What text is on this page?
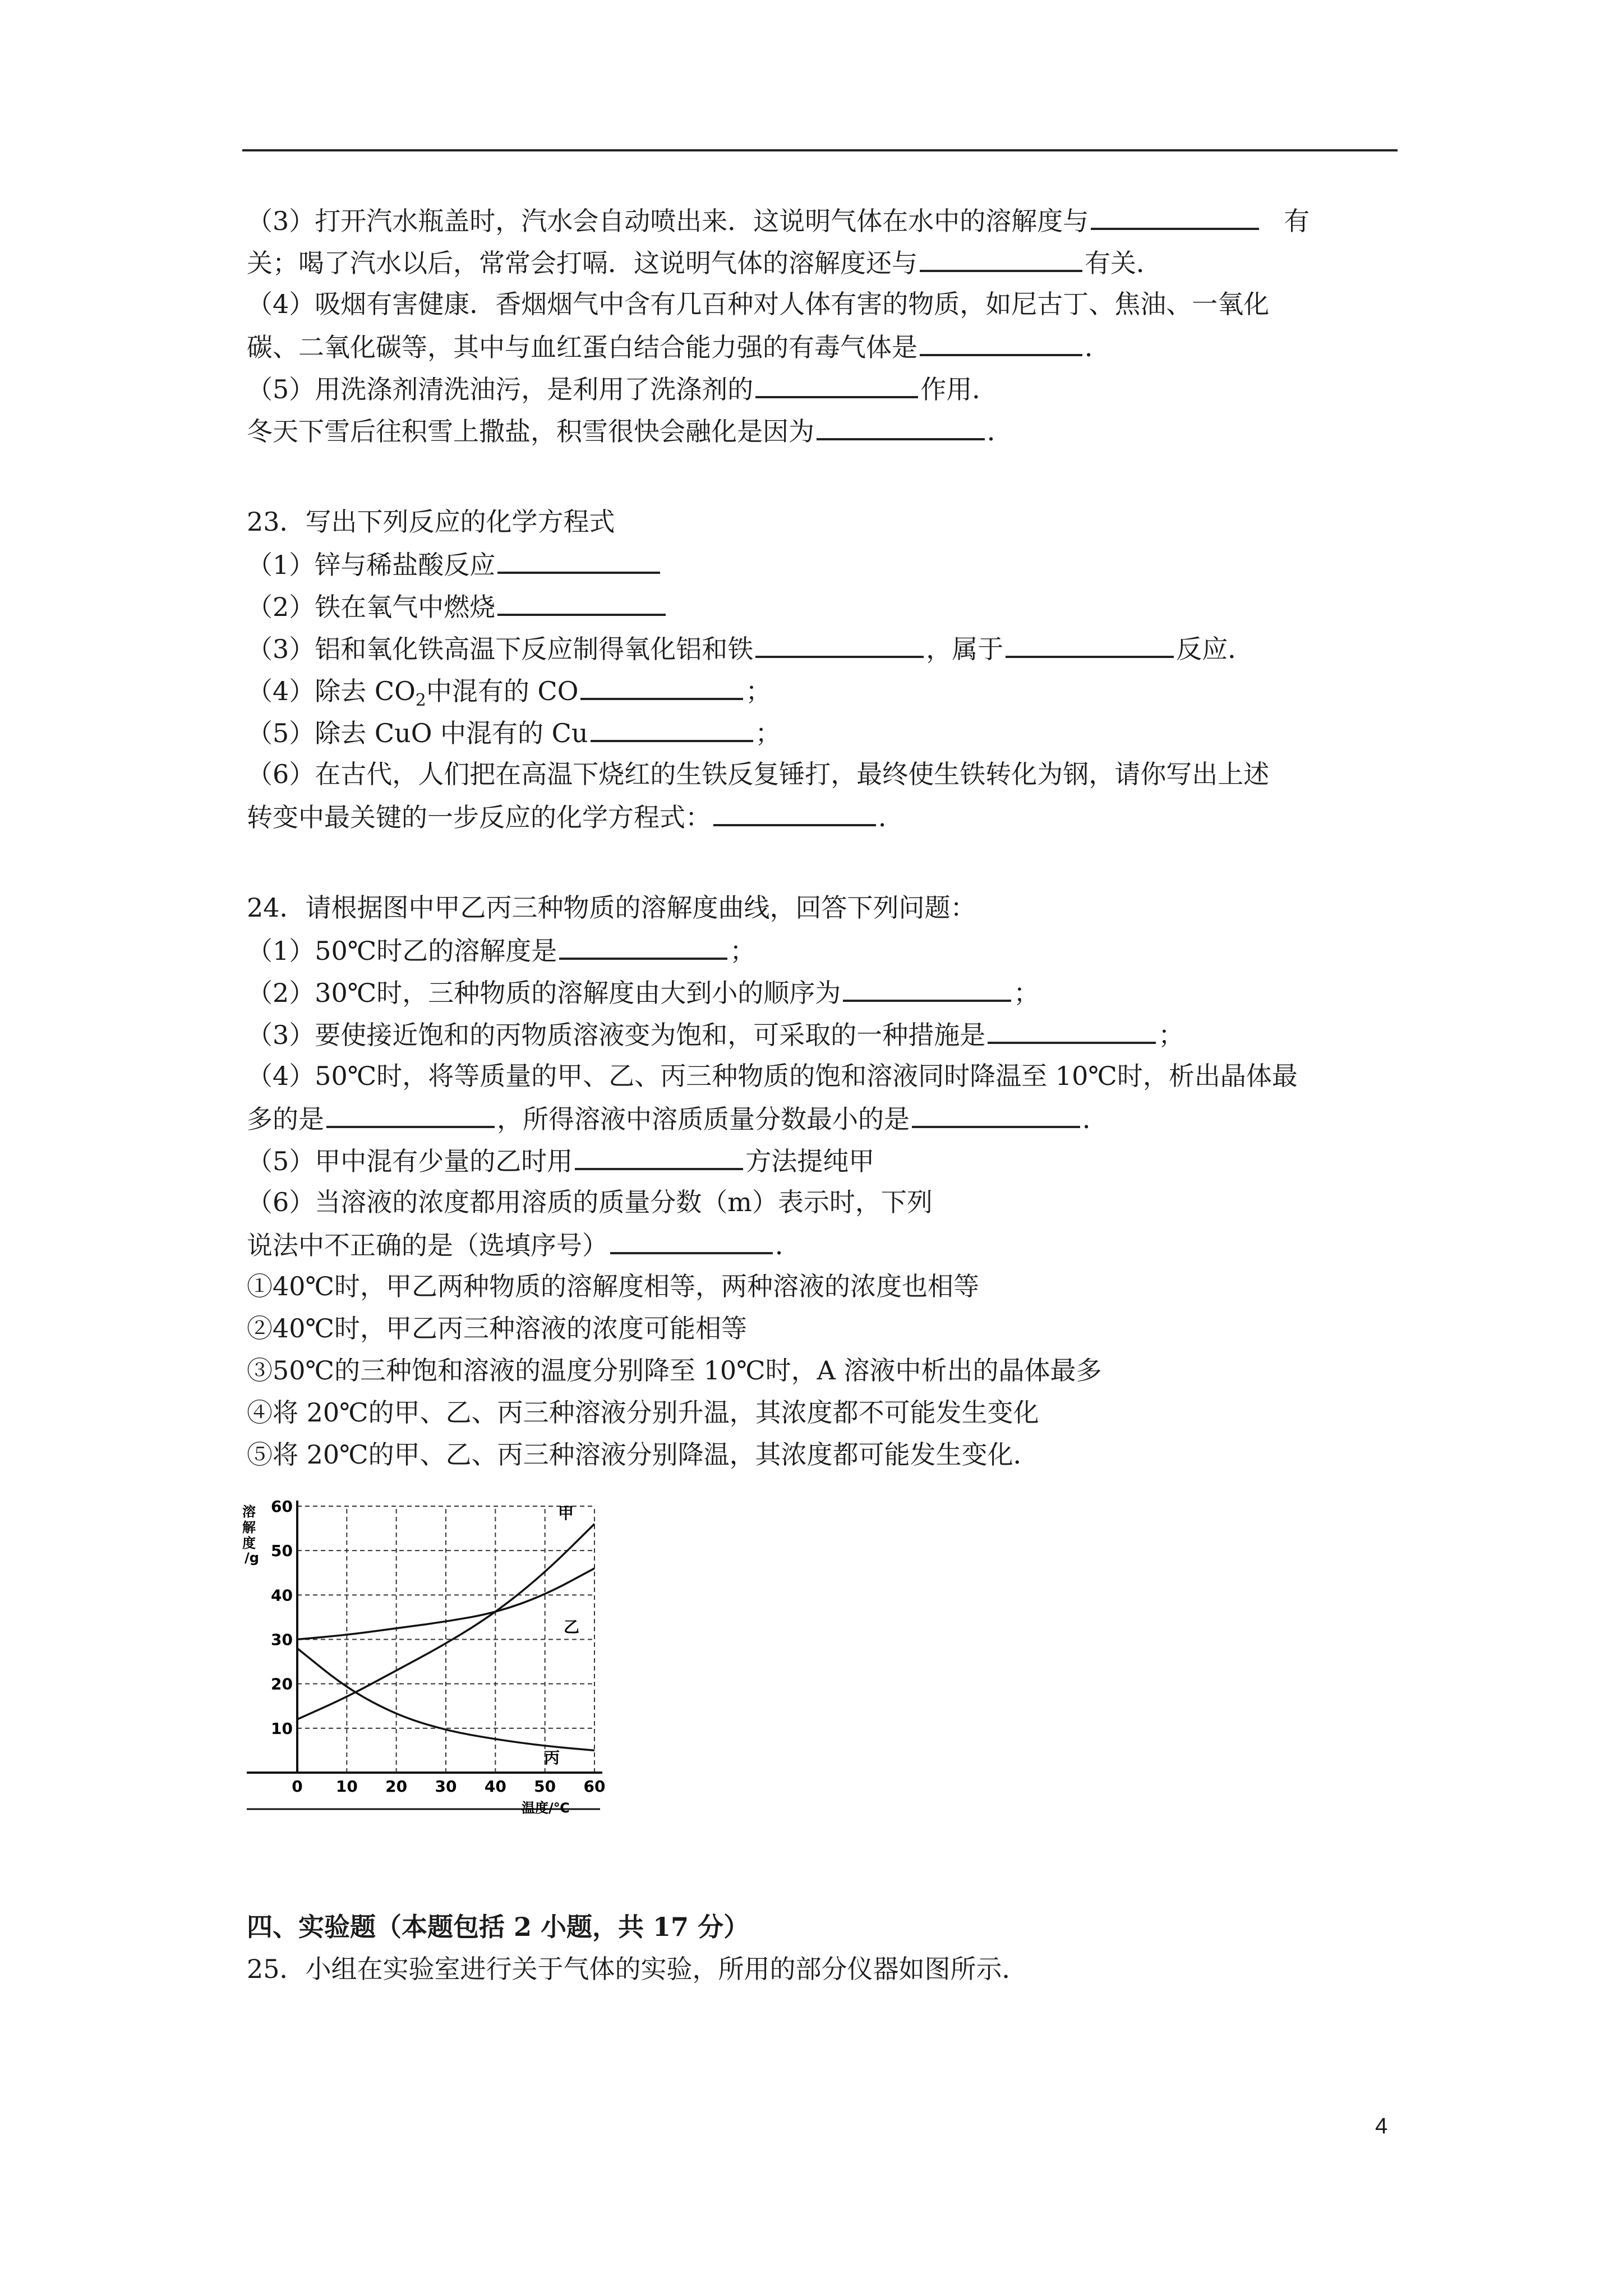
（3）打开汽水瓶盖时，汽水会自动喷出来．这说明气体在水中的溶解度与	有
关；喝了汽水以后，常常会打嗝．这说明气体的溶解度还与	有关．
（4）吸烟有害健康．香烟烟气中含有几百种对人体有害的物质，如尼古丁、焦油、一氧化
碳、二氧化碳等，其中与血红蛋白结合能力强的有毒气体是	．
（5）用洗涤剂清洗油污，是利用了洗涤剂的	作用．
冬天下雪后往积雪上撒盐，积雪很快会融化是因为	．
23．写出下列反应的化学方程式
（1）锌与稀盐酸反应
（2）铁在氧气中燃烧
（3）铝和氧化铁高温下反应制得氧化铝和铁	，属于	反应．
（4）除去 $CO_2$中混有的 CO	；
（5）除去 CuO 中混有的 Cu	；
（6）在古代，人们把在高温下烧红的生铁反复锤打，最终使生铁转化为钢，请你写出上述
转变中最关键的一步反应的化学方程式：	．
24．请根据图中甲乙丙三种物质的溶解度曲线，回答下列问题：
（1）50℃时乙的溶解度是	；
（2）30℃时，三种物质的溶解度由大到小的顺序为	；
（3）要使接近饱和的丙物质溶液变为饱和，可采取的一种措施是	；
（4）50℃时，将等质量的甲、乙、丙三种物质的饱和溶液同时降温至 10℃时，析出晶体最
多的是	，所得溶液中溶质质量分数最小的是	．
（5）甲中混有少量的乙时用	方法提纯甲
（6）当溶液的浓度都用溶质的质量分数（m）表示时，下列
说法中不正确的是（选填序号）	．
①40℃时，甲乙两种物质的溶解度相等，两种溶液的浓度也相等
②40℃时，甲乙丙三种溶液的浓度可能相等
③50℃的三种饱和溶液的温度分别降至 10℃时，A 溶液中析出的晶体最多
④将 20℃的甲、乙、丙三种溶液分别升温，其浓度都不可能发生变化
⑤将 20℃的甲、乙、丙三种溶液分别降温，其浓度都可能发生变化．
0 10 20 30 40 50 60
10
20
30
40
50
60	甲
乙
丙
溶
解
度
/g
温度/℃
四、实验题（本题包括 2 小题，共 17 分）
25．小组在实验室进行关于气体的实验，所用的部分仪器如图所示．
4
